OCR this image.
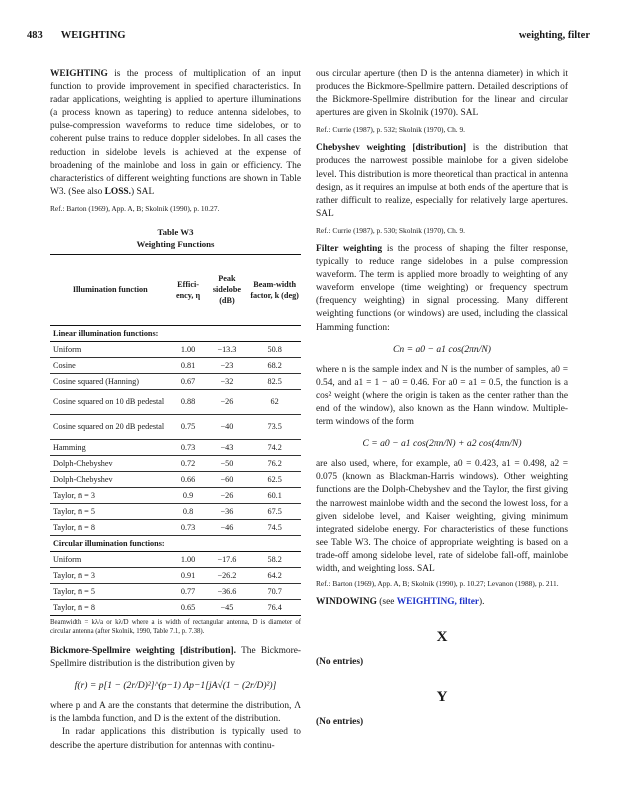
483 WEIGHTING	weighting, filter

WEIGHTING is the process of multiplication of an input function to provide improvement in specified characteristics. In radar applications, weighting is applied to aperture illuminations (a process known as tapering) to reduce antenna sidelobes, to pulse-compression waveforms to reduce time sidelobes, or to coherent pulse trains to reduce doppler sidelobes. In all cases the reduction in sidelobe levels is achieved at the expense of broadening of the mainlobe and loss in gain or efficiency. The characteristics of different weighting functions are shown in Table W3. (See also LOSS.) SAL

Ref.: Barton (1969), App. A, B; Skolnik (1990), p. 10.27.

Table W3
Weighting Functions
Illumination function	Effici-ency, η	Peak sidelobe (dB)	Beam-width factor, k (deg)
Linear illumination functions:			
Uniform	1.00	−13.3	50.8
Cosine	0.81	−23	68.2
Cosine squared (Hanning)	0.67	−32	82.5
Cosine squared on 10 dB pedestal	0.88	−26	62
Cosine squared on 20 dB pedestal	0.75	−40	73.5
Hamming	0.73	−43	74.2
Dolph-Chebyshev	0.72	−50	76.2
Dolph-Chebyshev	0.66	−60	62.5
Taylor, n̄ = 3	0.9	−26	60.1
Taylor, n̄ = 5	0.8	−36	67.5
Taylor, n̄ = 8	0.73	−46	74.5
Circular illumination functions:			
Uniform	1.00	−17.6	58.2
Taylor, n̄ = 3	0.91	−26.2	64.2
Taylor, n̄ = 5	0.77	−36.6	70.7
Taylor, n̄ = 8	0.65	−45	76.4
Beamwidth = kλ/a or kλ/D where a is width of rectangular antenna, D is diameter of circular antenna (after Skolnik, 1990, Table 7.1, p. 7.38).

Bickmore-Spellmire weighting [distribution]. The Bickmore-Spellmire distribution is the distribution given by

f(r) = p[1 − (2r/D)²]^(p−1) Λp−1[jA√(1 − (2r/D)²)]

where p and A are the constants that determine the distribution, Λ is the lambda function, and D is the extent of the distribution.

In radar applications this distribution is typically used to describe the aperture distribution for antennas with continu-

ous circular aperture (then D is the antenna diameter) in which it produces the Bickmore-Spellmire pattern. Detailed descriptions of the Bickmore-Spellmire distribution for the linear and circular apertures are given in Skolnik (1970). SAL

Ref.: Currie (1987), p. 532; Skolnik (1970), Ch. 9.

Chebyshev weighting [distribution] is the distribution that produces the narrowest possible mainlobe for a given sidelobe level. This distribution is more theoretical than practical in antenna design, as it requires an impulse at both ends of the aperture that is rather difficult to realize, especially for relatively large apertures. SAL

Ref.: Currie (1987), p. 530; Skolnik (1970), Ch. 9.

Filter weighting is the process of shaping the filter response, typically to reduce range sidelobes in a pulse compression waveform. The term is applied more broadly to weighting of any waveform envelope (time weighting) or frequency spectrum (frequency weighting) in signal processing. Many different weighting functions (or windows) are used, including the classical Hamming function:

Cn = a0 − a1 cos(2πn/N)

where n is the sample index and N is the number of samples, a0 = 0.54, and a1 = 1 − a0 = 0.46. For a0 = a1 = 0.5, the function is a cos² weight (where the origin is taken as the center rather than the end of the window), also known as the Hann window. Multiple-term windows of the form

C = a0 − a1 cos(2πn/N) + a2 cos(4πn/N)

are also used, where, for example, a0 = 0.423, a1 = 0.498, a2 = 0.075 (known as Blackman-Harris windows). Other weighting functions are the Dolph-Chebyshev and the Taylor, the first giving the narrowest mainlobe width and the second the lowest loss, for a given sidelobe level, and Kaiser weighting, giving minimum integrated sidelobe energy. For characteristics of these functions see Table W3. The choice of appropriate weighting is based on a trade-off among sidelobe level, rate of sidelobe fall-off, mainlobe width, and weighting loss. SAL

Ref.: Barton (1969), App. A, B; Skolnik (1990), p. 10.27; Levanon (1988), p. 211.

WINDOWING (see WEIGHTING, filter).

X
(No entries)
Y
(No entries)
